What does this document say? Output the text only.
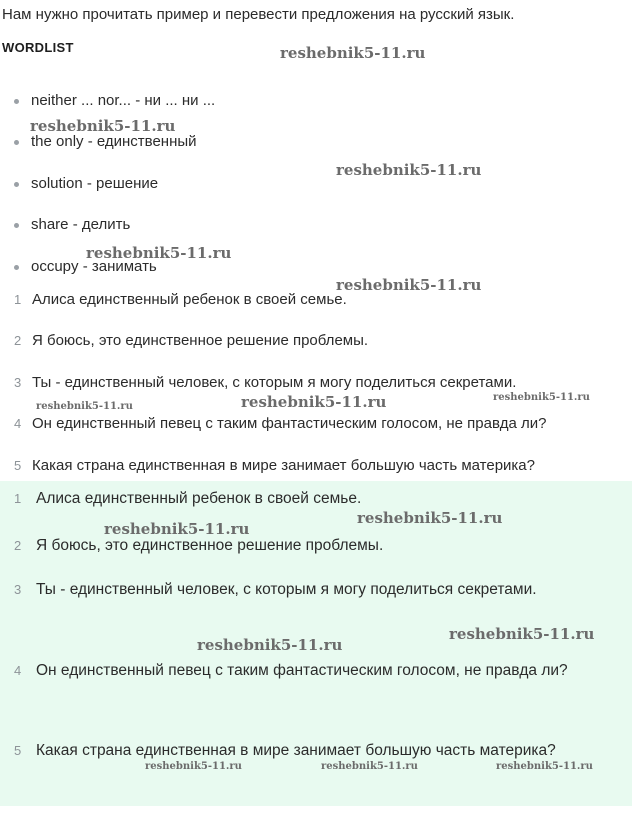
Нам нужно прочитать пример и перевести предложения на русский язык.
WORDLIST
neither ... nor... - ни ... ни ...
the only - единственный
solution - решение
share - делить
occupy - занимать
1 Алиса единственный ребенок в своей семье.
2 Я боюсь, это единственное решение проблемы.
3 Ты - единственный человек, с которым я могу поделиться секретами.
4 Он единственный певец с таким фантастическим голосом, не правда ли?
5 Какая страна единственная в мире занимает большую часть материка?
1 Алиса единственный ребенок в своей семье.
2 Я боюсь, это единственное решение проблемы.
3 Ты - единственный человек, с которым я могу поделиться секретами.
4 Он единственный певец с таким фантастическим голосом, не правда ли?
5 Какая страна единственная в мире занимает большую часть материка?
reshebnik5-11.ru
reshebnik5-11.ru
reshebnik5-11.ru
reshebnik5-11.ru
reshebnik5-11.ru
reshebnik5-11.ru	reshebnik5-11.ru	reshebnik5-11.ru
reshebnik5-11.ru
reshebnik5-11.ru
reshebnik5-11.ru
reshebnik5-11.ru
reshebnik5-11.ru	reshebnik5-11.ru	reshebnik5-11.ru
